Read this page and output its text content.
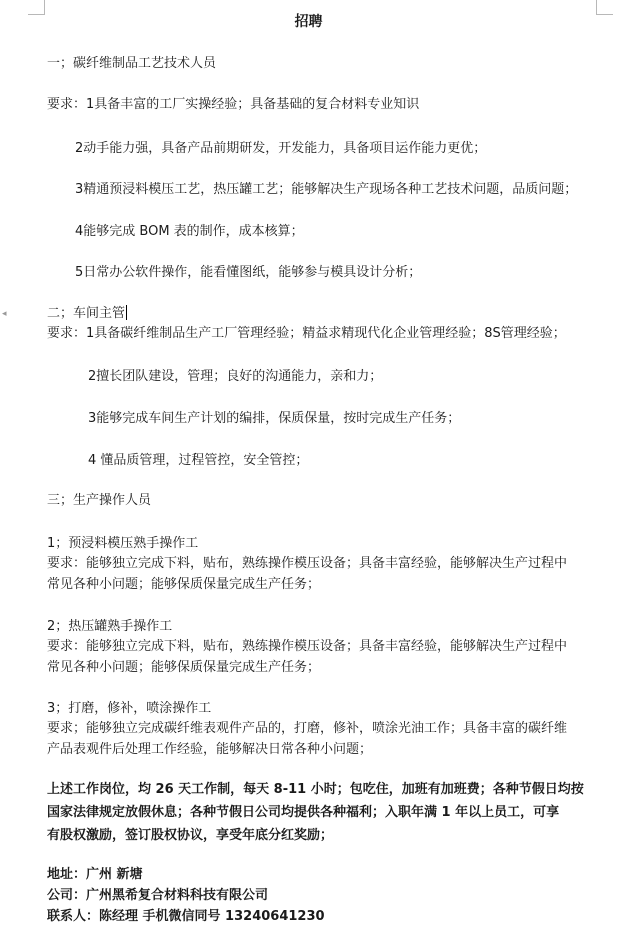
◂
招聘
一；碳纤维制品工艺技术人员
要求：1具备丰富的工厂实操经验；具备基础的复合材料专业知识
2动手能力强，具备产品前期研发，开发能力，具备项目运作能力更优；
3精通预浸料模压工艺，热压罐工艺；能够解决生产现场各种工艺技术问题，品质问题；
4能够完成 BOM 表的制作，成本核算；
5日常办公软件操作，能看懂图纸，能够参与模具设计分析；
二；车间主管
要求：1具备碳纤维制品生产工厂管理经验；精益求精现代化企业管理经验；8S管理经验；
2擅长团队建设，管理；良好的沟通能力，亲和力；
3能够完成车间生产计划的编排，保质保量，按时完成生产任务；
4 懂品质管理，过程管控，安全管控；
三；生产操作人员
1；预浸料模压熟手操作工
要求：能够独立完成下料，贴布，熟练操作模压设备；具备丰富经验，能够解决生产过程中
常见各种小问题；能够保质保量完成生产任务；
2；热压罐熟手操作工
要求：能够独立完成下料，贴布，熟练操作模压设备；具备丰富经验，能够解决生产过程中
常见各种小问题；能够保质保量完成生产任务；
3；打磨，修补，喷涂操作工
要求；能够独立完成碳纤维表观件产品的，打磨，修补，喷涂光油工作；具备丰富的碳纤维
产品表观件后处理工作经验，能够解决日常各种小问题；
上述工作岗位，均 26 天工作制，每天 8-11 小时；包吃住，加班有加班费；各种节假日均按
国家法律规定放假休息；各种节假日公司均提供各种福利；入职年满 1 年以上员工，可享
有股权激励，签订股权协议，享受年底分红奖励；
地址：广州 新塘
公司：广州黑希复合材料科技有限公司
联系人：陈经理 手机微信同号 13240641230
